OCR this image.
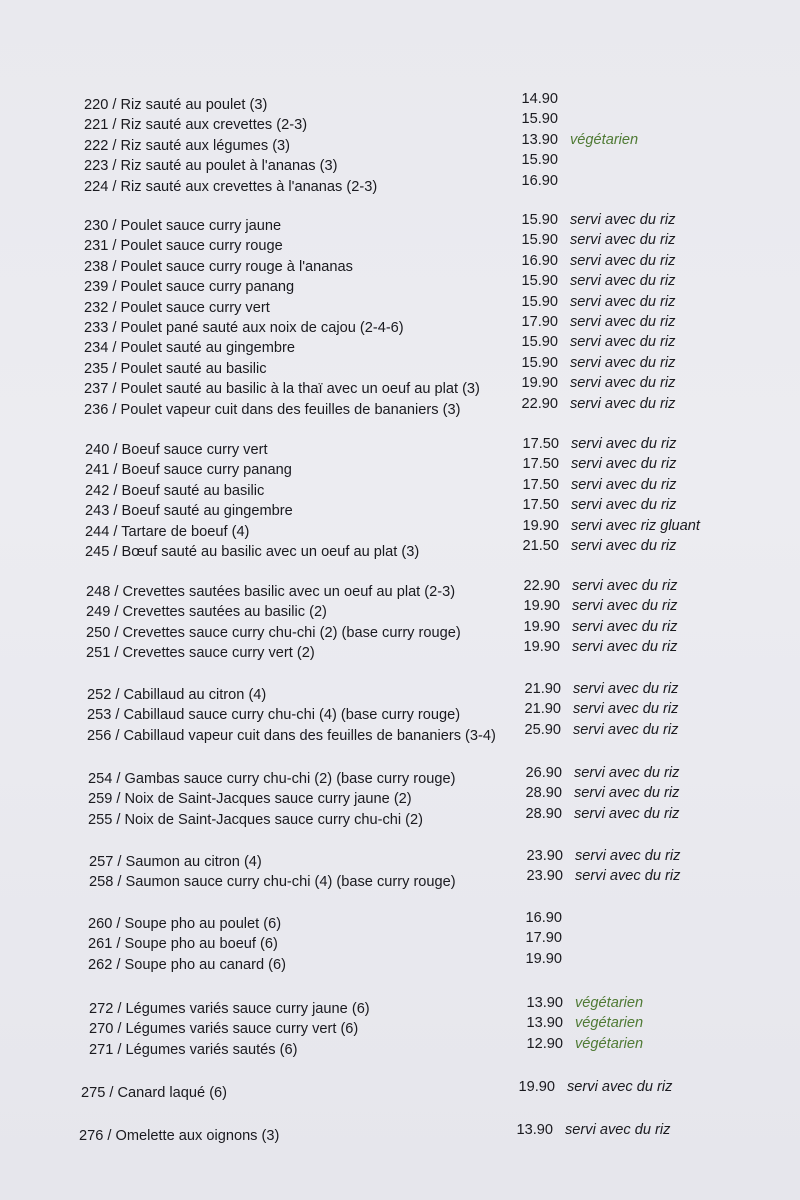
220 / Riz sauté au poulet (3)	14.90
221 / Riz sauté aux crevettes (2-3)	15.90
222 / Riz sauté aux légumes (3)	13.90 végétarien
223 / Riz sauté au poulet à l'ananas (3)	15.90
224 / Riz sauté aux crevettes à l'ananas (2-3)	16.90
230 / Poulet sauce curry jaune	15.90 servi avec du riz
231 / Poulet sauce curry rouge	15.90 servi avec du riz
238 / Poulet sauce curry rouge à l'ananas	16.90 servi avec du riz
239 / Poulet sauce curry panang	15.90 servi avec du riz
232 / Poulet sauce curry vert	15.90 servi avec du riz
233 / Poulet pané sauté aux noix de cajou (2-4-6)	17.90 servi avec du riz
234 / Poulet sauté au gingembre	15.90 servi avec du riz
235 / Poulet sauté au basilic	15.90 servi avec du riz
237 / Poulet sauté au basilic à la thaï avec un oeuf au plat (3)	19.90 servi avec du riz
236 / Poulet vapeur cuit dans des feuilles de bananiers (3)	22.90 servi avec du riz
240 / Boeuf sauce curry vert	17.50 servi avec du riz
241 / Boeuf sauce curry panang	17.50 servi avec du riz
242 / Boeuf sauté au basilic	17.50 servi avec du riz
243 / Boeuf sauté au gingembre	17.50 servi avec du riz
244 / Tartare de boeuf (4)	19.90 servi avec riz gluant
245 / Bœuf sauté au basilic avec un oeuf au plat (3)	21.50 servi avec du riz
248 / Crevettes sautées basilic avec un oeuf au plat (2-3)	22.90 servi avec du riz
249 / Crevettes sautées au basilic (2)	19.90 servi avec du riz
250 / Crevettes sauce curry chu-chi (2) (base curry rouge)	19.90 servi avec du riz
251 / Crevettes sauce curry vert (2)	19.90 servi avec du riz
252 / Cabillaud au citron (4)	21.90 servi avec du riz
253 / Cabillaud sauce curry chu-chi (4) (base curry rouge)	21.90 servi avec du riz
256 / Cabillaud vapeur cuit dans des feuilles de bananiers (3-4)	25.90 servi avec du riz
254 / Gambas sauce curry chu-chi (2) (base curry rouge)	26.90 servi avec du riz
259 / Noix de Saint-Jacques sauce curry jaune (2)	28.90 servi avec du riz
255 / Noix de Saint-Jacques sauce curry chu-chi (2)	28.90 servi avec du riz
257 / Saumon au citron (4)	23.90 servi avec du riz
258 / Saumon sauce curry chu-chi (4) (base curry rouge)	23.90 servi avec du riz
260 / Soupe pho au poulet (6)	16.90
261 / Soupe pho au boeuf (6)	17.90
262 / Soupe pho au canard (6)	19.90
272 / Légumes variés sauce curry jaune (6)	13.90 végétarien
270 / Légumes variés sauce curry vert (6)	13.90 végétarien
271 / Légumes variés sautés (6)	12.90 végétarien
275 / Canard laqué (6)	19.90 servi avec du riz
276 / Omelette aux oignons (3)	13.90 servi avec du riz
